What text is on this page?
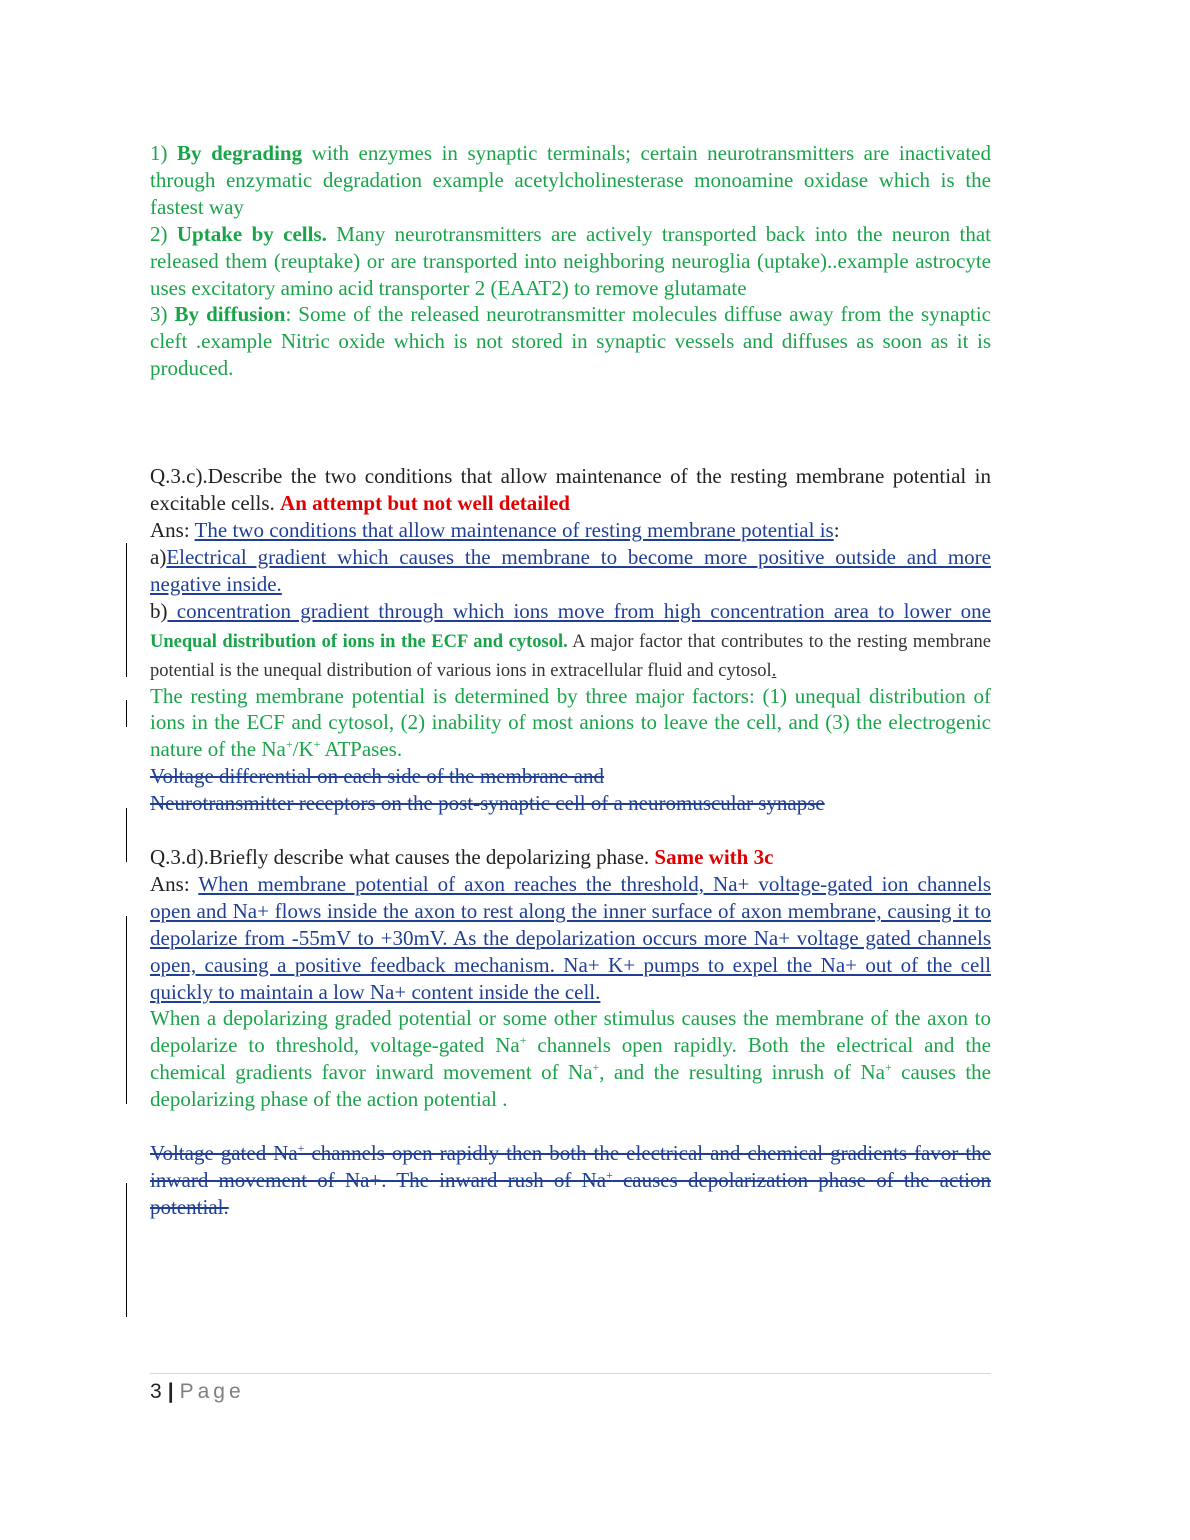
1) By degrading with enzymes in synaptic terminals; certain neurotransmitters are inactivated through enzymatic degradation example acetylcholinesterase monoamine oxidase which is the fastest way

2) Uptake by cells. Many neurotransmitters are actively transported back into the neuron that released them (reuptake) or are transported into neighboring neuroglia (uptake)..example astrocyte uses excitatory amino acid transporter 2 (EAAT2) to remove glutamate

3) By diffusion: Some of the released neurotransmitter molecules diffuse away from the synaptic cleft .example Nitric oxide which is not stored in synaptic vessels and diffuses as soon as it is produced.

Q.3.c).Describe the two conditions that allow maintenance of the resting membrane potential in excitable cells. An attempt but not well detailed

Ans: The two conditions that allow maintenance of resting membrane potential is:

a)Electrical gradient which causes the membrane to become more positive outside and more negative inside.

b) concentration gradient through which ions move from high concentration area to lower one Unequal distribution of ions in the ECF and cytosol. A major factor that contributes to the resting membrane potential is the unequal distribution of various ions in extracellular fluid and cytosol.

The resting membrane potential is determined by three major factors: (1) unequal distribution of ions in the ECF and cytosol, (2) inability of most anions to leave the cell, and (3) the electrogenic nature of the Na+/K+ ATPases.

Voltage differential on each side of the membrane and

Neurotransmitter receptors on the post-synaptic cell of a neuromuscular synapse

Q.3.d).Briefly describe what causes the depolarizing phase. Same with 3c

Ans: When membrane potential of axon reaches the threshold, Na+ voltage-gated ion channels open and Na+ flows inside the axon to rest along the inner surface of axon membrane, causing it to depolarize from -55mV to +30mV. As the depolarization occurs more Na+ voltage gated channels open, causing a positive feedback mechanism. Na+ K+ pumps to expel the Na+ out of the cell quickly to maintain a low Na+ content inside the cell.

When a depolarizing graded potential or some other stimulus causes the membrane of the axon to depolarize to threshold, voltage-gated Na+ channels open rapidly. Both the electrical and the chemical gradients favor inward movement of Na+, and the resulting inrush of Na+ causes the depolarizing phase of the action potential .

Voltage gated Na+ channels open rapidly then both the electrical and chemical gradients favor the inward movement of Na+. The inward rush of Na+ causes depolarization phase of the action potential.

3 | Page
